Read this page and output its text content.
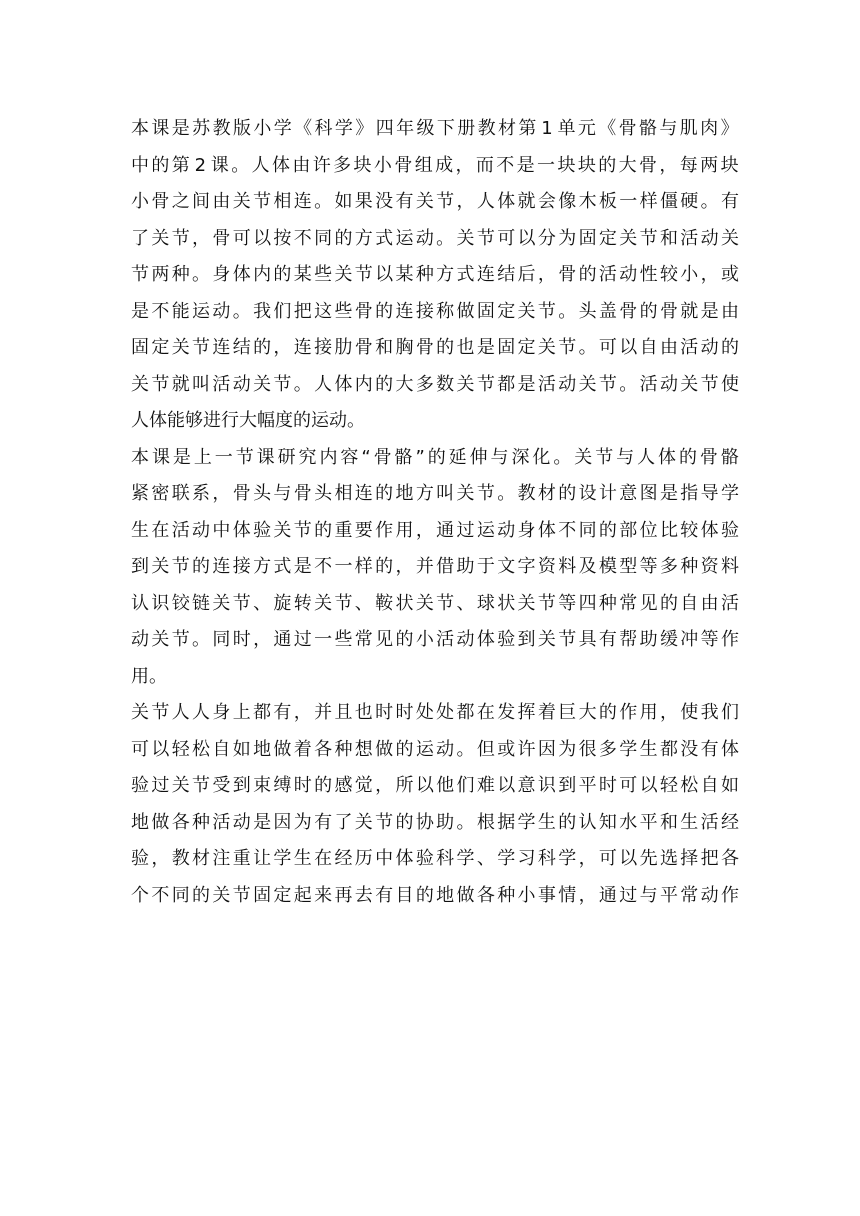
本 课 是 苏 教 版 小 学 《 科 学 》 四 年 级 下 册 教 材 第 1 单 元 《 骨 骼 与 肌 肉 》
中 的 第 2 课 。 人 体 由 许 多 块 小 骨 组 成 ， 而 不 是 一 块 块 的 大 骨 ， 每 两 块
小 骨 之 间 由 关 节 相 连 。 如 果 没 有 关 节 ， 人 体 就 会 像 木 板 一 样 僵 硬 。 有
了 关 节 ， 骨 可 以 按 不 同 的 方 式 运 动 。 关 节 可 以 分 为 固 定 关 节 和 活 动 关
节 两 种 。 身 体 内 的 某 些 关 节 以 某 种 方 式 连 结 后 ， 骨 的 活 动 性 较 小 ， 或
是 不 能 运 动 。 我 们 把 这 些 骨 的 连 接 称 做 固 定 关 节 。 头 盖 骨 的 骨 就 是 由
固 定 关 节 连 结 的 ， 连 接 肋 骨 和 胸 骨 的 也 是 固 定 关 节 。 可 以 自 由 活 动 的
关 节 就 叫 活 动 关 节 。 人 体 内 的 大 多 数 关 节 都 是 活 动 关 节 。 活 动 关 节 使
人体能够进行大幅度的运动。
本 课 是 上 一 节 课 研 究 内 容 “ 骨 骼 ” 的 延 伸 与 深 化 。 关 节 与 人 体 的 骨 骼
紧 密 联 系 ， 骨 头 与 骨 头 相 连 的 地 方 叫 关 节 。 教 材 的 设 计 意 图 是 指 导 学
生 在 活 动 中 体 验 关 节 的 重 要 作 用 ， 通 过 运 动 身 体 不 同 的 部 位 比 较 体 验
到 关 节 的 连 接 方 式 是 不 一 样 的 ， 并 借 助 于 文 字 资 料 及 模 型 等 多 种 资 料
认 识 铰 链 关 节 、 旋 转 关 节 、 鞍 状 关 节 、 球 状 关 节 等 四 种 常 见 的 自 由 活
动 关 节 。 同 时 ， 通 过 一 些 常 见 的 小 活 动 体 验 到 关 节 具 有 帮 助 缓 冲 等 作
用。
关 节 人 人 身 上 都 有 ， 并 且 也 时 时 处 处 都 在 发 挥 着 巨 大 的 作 用 ， 使 我 们
可 以 轻 松 自 如 地 做 着 各 种 想 做 的 运 动 。 但 或 许 因 为 很 多 学 生 都 没 有 体
验 过 关 节 受 到 束 缚 时 的 感 觉 ， 所 以 他 们 难 以 意 识 到 平 时 可 以 轻 松 自 如
地 做 各 种 活 动 是 因 为 有 了 关 节 的 协 助 。 根 据 学 生 的 认 知 水 平 和 生 活 经
验 ， 教 材 注 重 让 学 生 在 经 历 中 体 验 科 学 、 学 习 科 学 ， 可 以 先 选 择 把 各
个 不 同 的 关 节 固 定 起 来 再 去 有 目 的 地 做 各 种 小 事 情 ， 通 过 与 平 常 动 作
